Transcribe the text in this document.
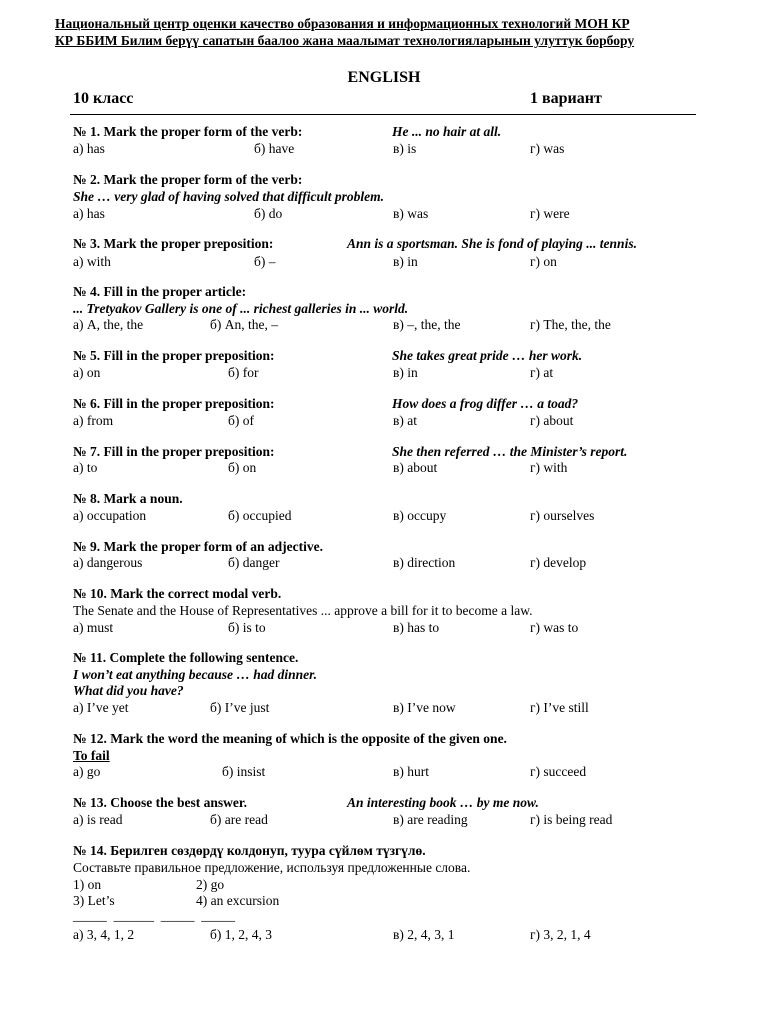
Национальный центр оценки качество образования и информационных технологий МОН КР
КР ББИМ Билим берүү сапатын баалоо жана маалымат технологияларынын улуттук борбору
ENGLISH
10 класс	1 вариант
№ 1. Mark the proper form of the verb:	He ... no hair at all.
а) has	б) have	в) is	г) was
№ 2. Mark the proper form of the verb:
She … very glad of having solved that difficult problem.
а) has	б) do	в) was	г) were
№ 3. Mark the proper preposition:	Ann is a sportsman. She is fond of playing ... tennis.
а) with	б) –	в) in	г) on
№ 4. Fill in the proper article:
... Tretyakov Gallery is one of ... richest galleries in ... world.
а) A, the, the	б) An, the, –	в) –, the, the	г) The, the, the
№ 5. Fill in the proper preposition:	She takes great pride … her work.
а) on	б) for	в) in	г) at
№ 6. Fill in the proper preposition:	How does a frog differ … a toad?
а) from	б) of	в) at	г) about
№ 7. Fill in the proper preposition:	She then referred … the Minister’s report.
а) to	б) on	в) about	г) with
№ 8. Mark a noun.
а) occupation	б) occupied	в) occupy	г) ourselves
№ 9. Mark the proper form of an adjective.
а) dangerous	б) danger	в) direction	г) develop
№ 10. Mark the correct modal verb.
The Senate and the House of Representatives ... approve a bill for it to become a law.
а) must	б) is to	в) has to	г) was to
№ 11. Complete the following sentence.
I won’t eat anything because … had dinner.
What did you have?
а) I’ve yet	б) I’ve just	в) I’ve now	г) I’ve still
№ 12. Mark the word the meaning of which is the opposite of the given one.
To fail
а) go	б) insist	в) hurt	г) succeed
№ 13. Choose the best answer.	An interesting book … by me now.
а) is read	б) are read	в) are reading	г) is being read
№ 14. Берилген сөздөрдү колдонуп, туура сүйлөм түзгүлө.
Составьте правильное предложение, используя предложенные слова.
1) on	2) go
3) Let’s	4) an excursion
_____  ______  _____  _____
а) 3, 4, 1, 2	б) 1, 2, 4, 3	в) 2, 4, 3, 1	г) 3, 2, 1, 4
